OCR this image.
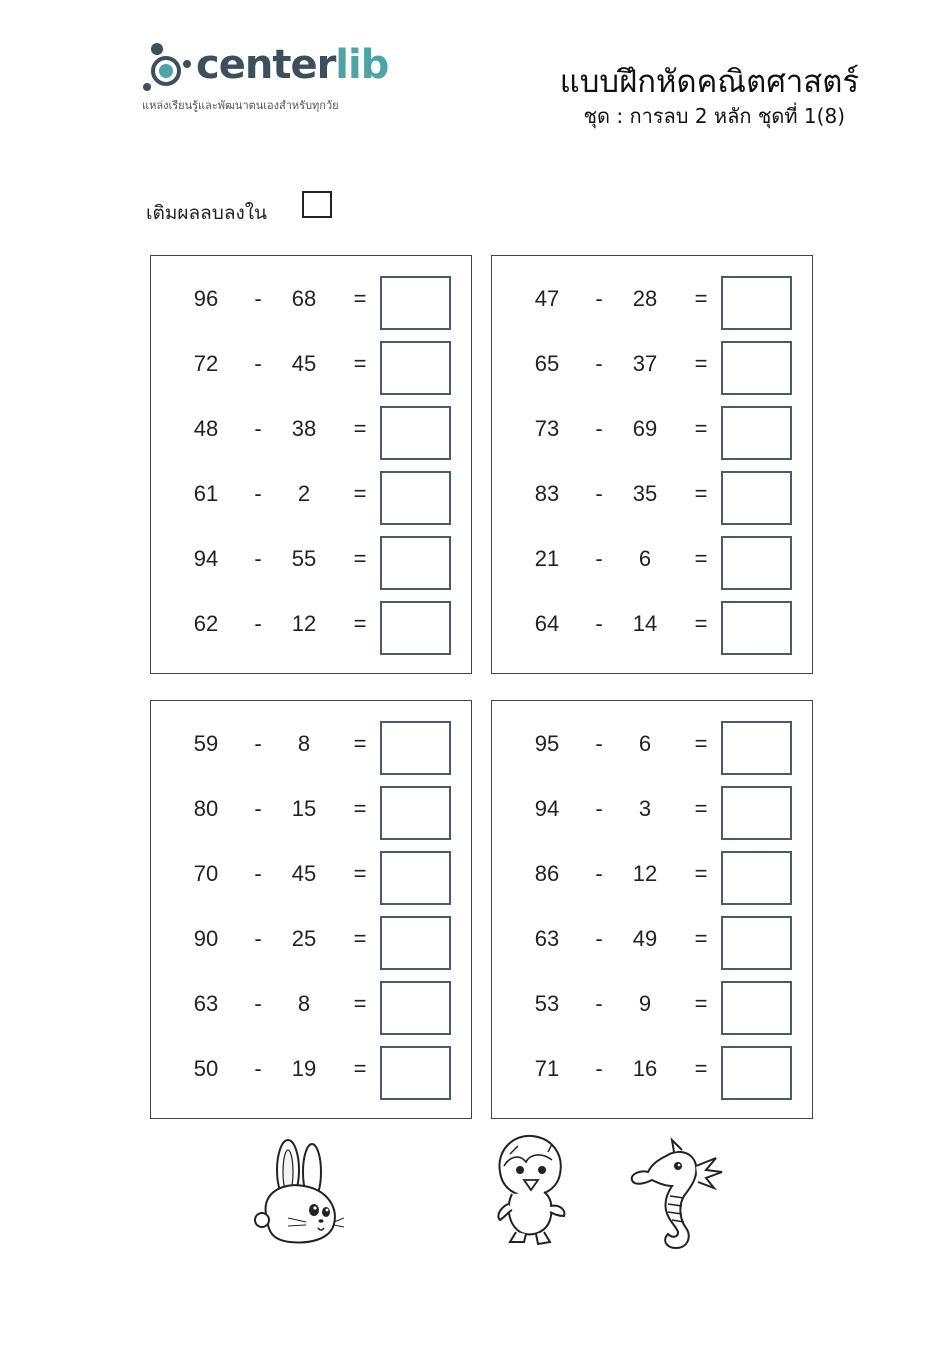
centerlib
แหล่งเรียนรู้และพัฒนาตนเองสำหรับทุกวัย
แบบฝึกหัดคณิตศาสตร์
ชุด : การลบ 2 หลัก ชุดที่ 1(8)
เติมผลลบลงใน
96	-	68	=
72	-	45	=
48	-	38	=
61	-	2	=
94	-	55	=
62	-	12	=
47	-	28	=
65	-	37	=
73	-	69	=
83	-	35	=
21	-	6	=
64	-	14	=
59	-	8	=
80	-	15	=
70	-	45	=
90	-	25	=
63	-	8	=
50	-	19	=
95	-	6	=
94	-	3	=
86	-	12	=
63	-	49	=
53	-	9	=
71	-	16	=
